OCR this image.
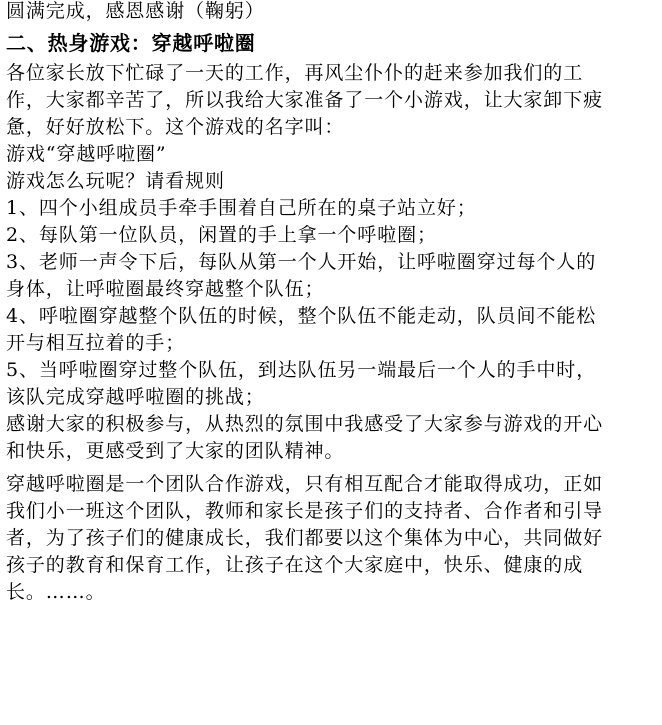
圆满完成，感恩感谢（鞠躬）
二、热身游戏：穿越呼啦圈
各位家长放下忙碌了一天的工作，再风尘仆仆的赶来参加我们的工
作，大家都辛苦了，所以我给大家准备了一个小游戏，让大家卸下疲
惫，好好放松下。这个游戏的名字叫：
游戏“穿越呼啦圈”
游戏怎么玩呢？请看规则
1、四个小组成员手牵手围着自己所在的桌子站立好；
2、每队第一位队员，闲置的手上拿一个呼啦圈；
3、老师一声令下后，每队从第一个人开始，让呼啦圈穿过每个人的
身体，让呼啦圈最终穿越整个队伍；
4、呼啦圈穿越整个队伍的时候，整个队伍不能走动，队员间不能松
开与相互拉着的手；
5、当呼啦圈穿过整个队伍，到达队伍另一端最后一个人的手中时，
该队完成穿越呼啦圈的挑战；
感谢大家的积极参与，从热烈的氛围中我感受了大家参与游戏的开心
和快乐，更感受到了大家的团队精神。
穿越呼啦圈是一个团队合作游戏，只有相互配合才能取得成功，正如
我们小一班这个团队，教师和家长是孩子们的支持者、合作者和引导
者，为了孩子们的健康成长，我们都要以这个集体为中心，共同做好
孩子的教育和保育工作，让孩子在这个大家庭中，快乐、健康的成
长。……。
